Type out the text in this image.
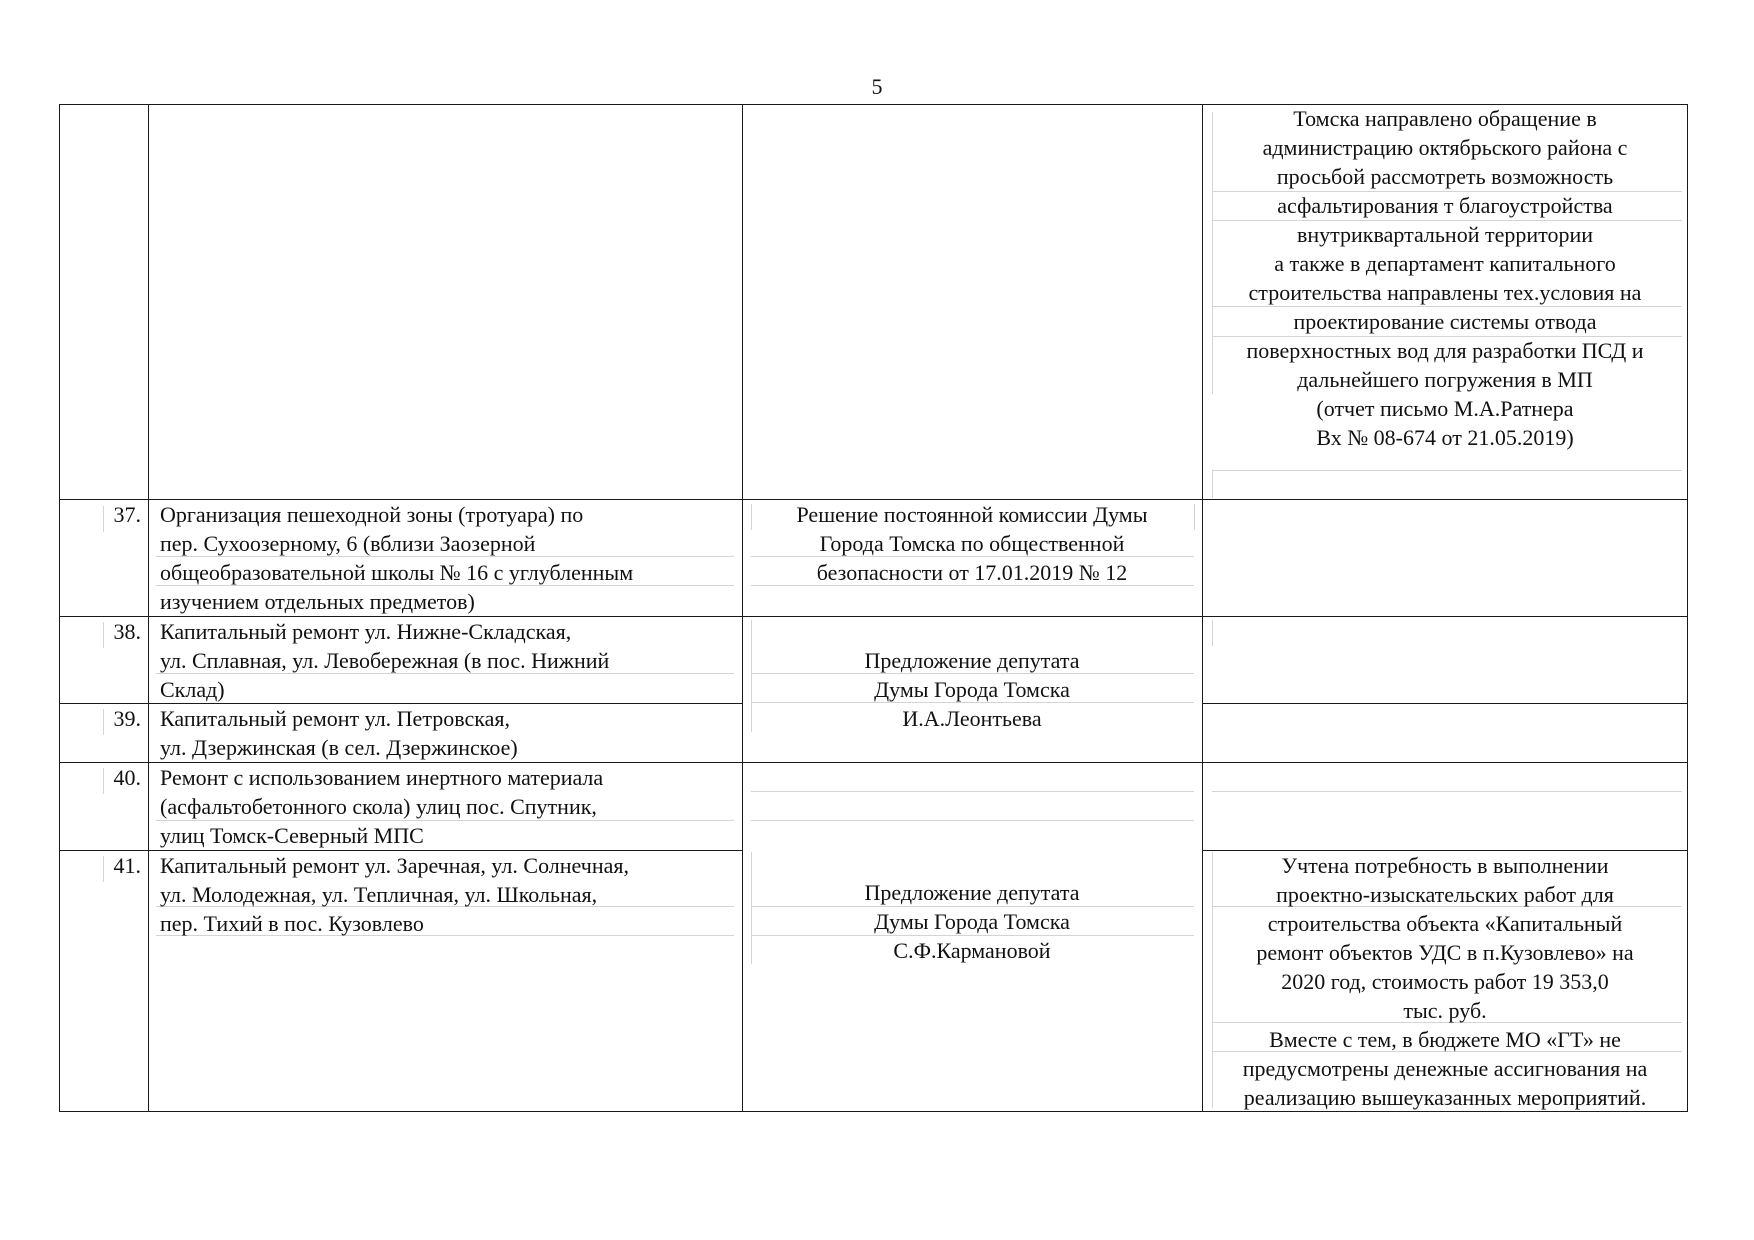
5
Томска направлено обращение в
администрацию октябрьского района с
просьбой рассмотреть возможность
асфальтирования т благоустройства
внутриквартальной территории
а также в департамент капитального
строительства направлены тех.условия на
проектирование системы отвода
поверхностных вод для разработки ПСД и
дальнейшего погружения в МП
(отчет письмо М.А.Ратнера
Вх № 08-674 от 21.05.2019)
37. Организация пешеходной зоны (тротуара) по
пер. Сухоозерному, 6 (вблизи Заозерной
общеобразовательной школы № 16 с углубленным
изучением отдельных предметов)
Решение постоянной комиссии Думы
Города Томска по общественной
безопасности от 17.01.2019 № 12
38. Капитальный ремонт ул. Нижне-Складская,
ул. Сплавная, ул. Левобережная (в пос. Нижний
Склад)
Предложение депутата
Думы Города Томска
И.А.Леонтьева
39. Капитальный ремонт ул. Петровская,
ул. Дзержинская (в сел. Дзержинское)
40. Ремонт с использованием инертного материала
(асфальтобетонного скола) улиц пос. Спутник,
улиц Томск-Северный МПС
41. Капитальный ремонт ул. Заречная, ул. Солнечная,
ул. Молодежная, ул. Тепличная, ул. Школьная,
пер. Тихий в пос. Кузовлево
Предложение депутата
Думы Города Томска
С.Ф.Кармановой
Учтена потребность в выполнении
проектно-изыскательских работ для
строительства объекта «Капитальный
ремонт объектов УДС в п.Кузовлево» на
2020 год, стоимость работ 19 353,0
тыс. руб.
Вместе с тем, в бюджете МО «ГТ» не
предусмотрены денежные ассигнования на
реализацию вышеуказанных мероприятий.
